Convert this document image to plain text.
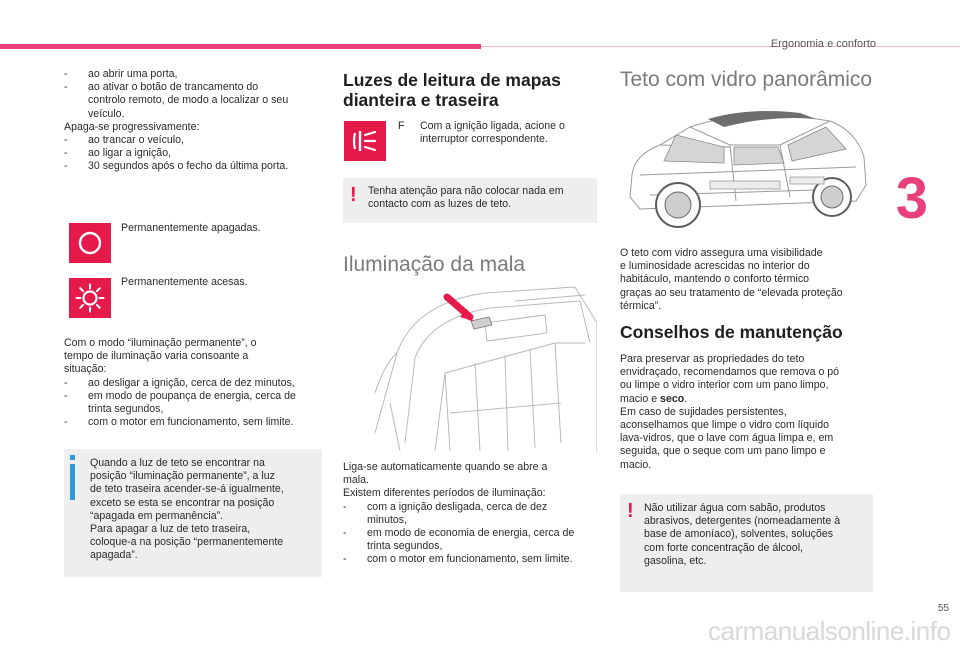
Ergonomia e conforto
3
- ao abrir uma porta,
- ao ativar o botão de trancamento do
controlo remoto, de modo a localizar o seu
veículo.
Apaga-se progressivamente:
- ao trancar o veículo,
- ao ligar a ignição,
- 30 segundos após o fecho da última porta.
Permanentemente apagadas.
Permanentemente acesas.
Com o modo “iluminação permanente”, o
tempo de iluminação varia consoante a
situação:
- ao desligar a ignição, cerca de dez minutos,
- em modo de poupança de energia, cerca de
trinta segundos,
- com o motor em funcionamento, sem limite.
Quando a luz de teto se encontrar na
posição “iluminação permanente”, a luz
de teto traseira acender-se-á igualmente,
exceto se esta se encontrar na posição
“apagada em permanência”.
Para apagar a luz de teto traseira,
coloque-a na posição “permanentemente
apagada”.
Luzes de leitura de mapas
dianteira e traseira
F Com a ignição ligada, acione o
interruptor correspondente.
! Tenha atenção para não colocar nada em
contacto com as luzes de teto.
Iluminação da mala
Liga-se automaticamente quando se abre a
mala.
Existem diferentes períodos de iluminação:
- com a ignição desligada, cerca de dez
minutos,
- em modo de economia de energia, cerca de
trinta segundos,
- com o motor em funcionamento, sem limite.
Teto com vidro panorâmico
O teto com vidro assegura uma visibilidade
e luminosidade acrescidas no interior do
habitáculo, mantendo o conforto térmico
graças ao seu tratamento de “elevada proteção
térmica”.
Conselhos de manutenção
Para preservar as propriedades do teto
envidraçado, recomendamos que remova o pó
ou limpe o vidro interior com um pano limpo,
macio e seco.
Em caso de sujidades persistentes,
aconselhamos que limpe o vidro com líquido
lava-vidros, que o lave com água limpa e, em
seguida, que o seque com um pano limpo e
macio.
! Não utilizar água com sabão, produtos
abrasivos, detergentes (nomeadamente à
base de amoníaco), solventes, soluções
com forte concentração de álcool,
gasolina, etc.
55
carmanualsonline.info
